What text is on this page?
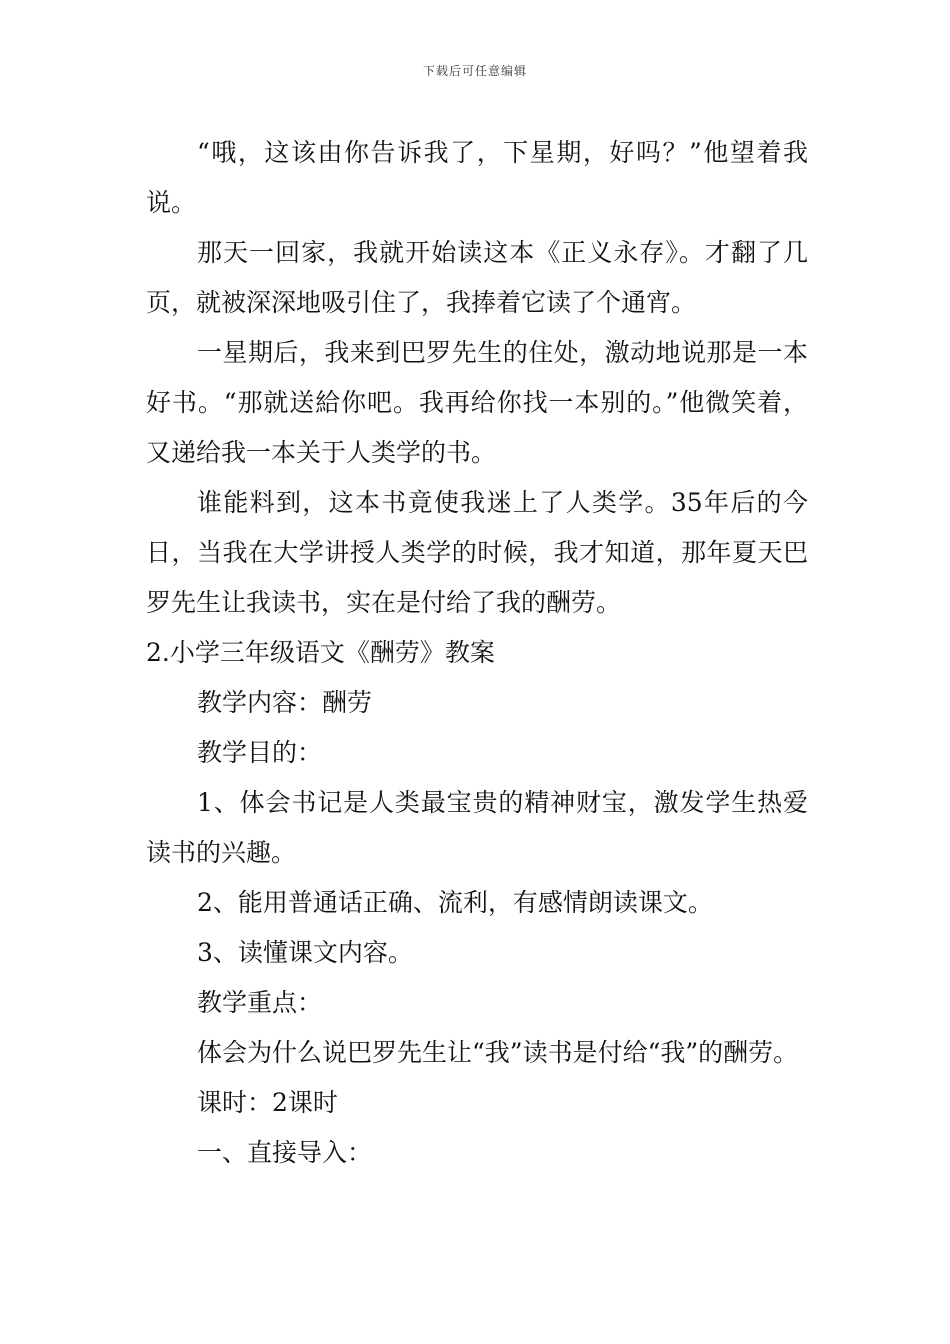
下载后可任意编辑

“哦，这该由你告诉我了，下星期，好吗？”他望着我说。

那天一回家，我就开始读这本《正义永存》。才翻了几页，就被深深地吸引住了，我捧着它读了个通宵。

一星期后，我来到巴罗先生的住处，激动地说那是一本好书。“那就送給你吧。我再给你找一本别的。”他微笑着，又递给我一本关于人类学的书。

谁能料到，这本书竟使我迷上了人类学。35年后的今日，当我在大学讲授人类学的时候，我才知道，那年夏天巴罗先生让我读书，实在是付给了我的酬劳。

2.小学三年级语文《酬劳》教案

教学内容：酬劳

教学目的：

1、体会书记是人类最宝贵的精神财宝，激发学生热爱读书的兴趣。

2、能用普通话正确、流利，有感情朗读课文。

3、读懂课文内容。

教学重点：

体会为什么说巴罗先生让“我”读书是付给“我”的酬劳。

课时：2课时

一、直接导入：
